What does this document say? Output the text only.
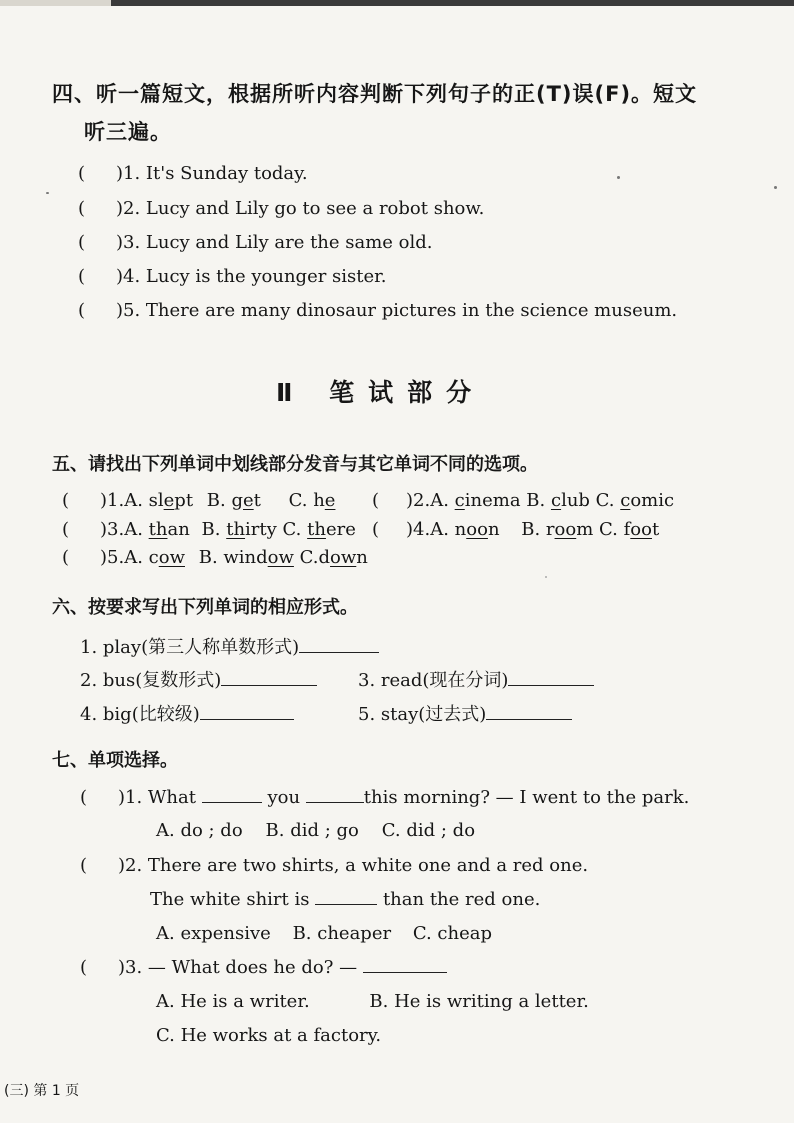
四、听一篇短文，根据所听内容判断下列句子的正(T)误(F)。短文
听三遍。
( )1. It's Sunday today.
( )2. Lucy and Lily go to see a robot show.
( )3. Lucy and Lily are the same old.
( )4. Lucy is the younger sister.
( )5. There are many dinosaur pictures in the science museum.
Ⅱ 笔试部分
五、请找出下列单词中划线部分发音与其它单词不同的选项。
( )1.A. slept B. get C. he ( )2.A. cinema B. club C. comic
( )3.A. than B. thirty C. there ( )4.A. noon B. room C. foot
( )5.A. cow B. window C.down
六、按要求写出下列单词的相应形式。
1. play(第三人称单数形式)
2. bus(复数形式)	3. read(现在分词)
4. big(比较级)	5. stay(过去式)
七、单项选择。
( )1. What	you	this morning? — I went to the park.
A. do ; do    B. did ; go    C. did ; do
( )2. There are two shirts, a white one and a red one.
The white shirt is	than the red one.
A. expensive B. cheaper C. cheap
( )3. — What does he do? —
A. He is a writer.	B. He is writing a letter.
C. He works at a factory.
(三) 第 1 页
